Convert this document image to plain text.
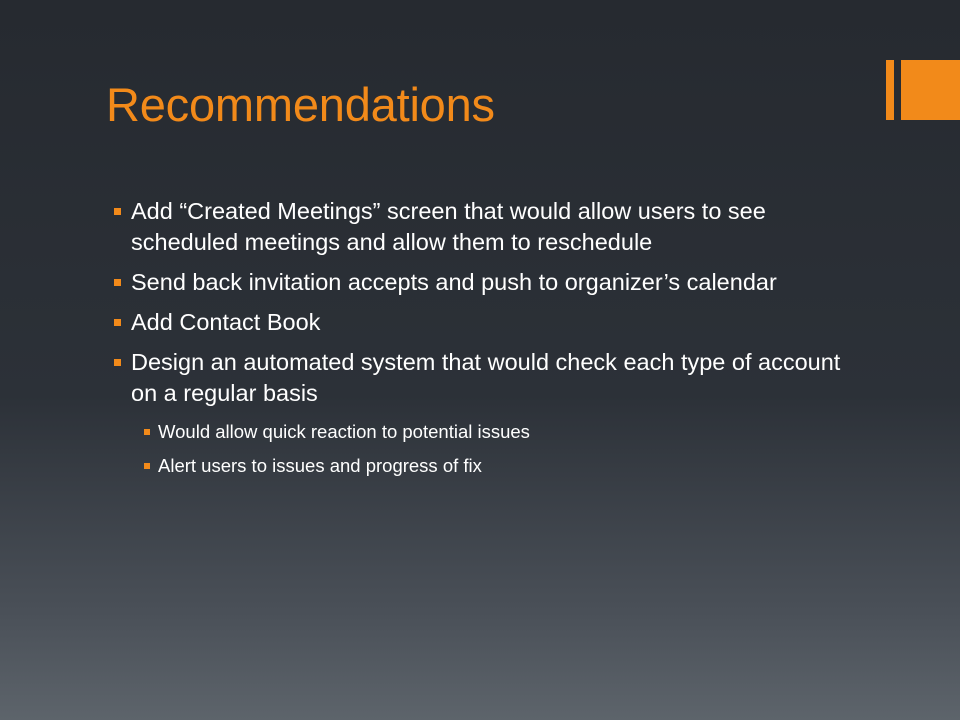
Recommendations
Add “Created Meetings” screen that would allow users to see scheduled meetings and allow them to reschedule
Send back invitation accepts and push to organizer’s calendar
Add Contact Book
Design an automated system that would check each type of account on a regular basis
Would allow quick reaction to potential issues
Alert users to issues and progress of fix
